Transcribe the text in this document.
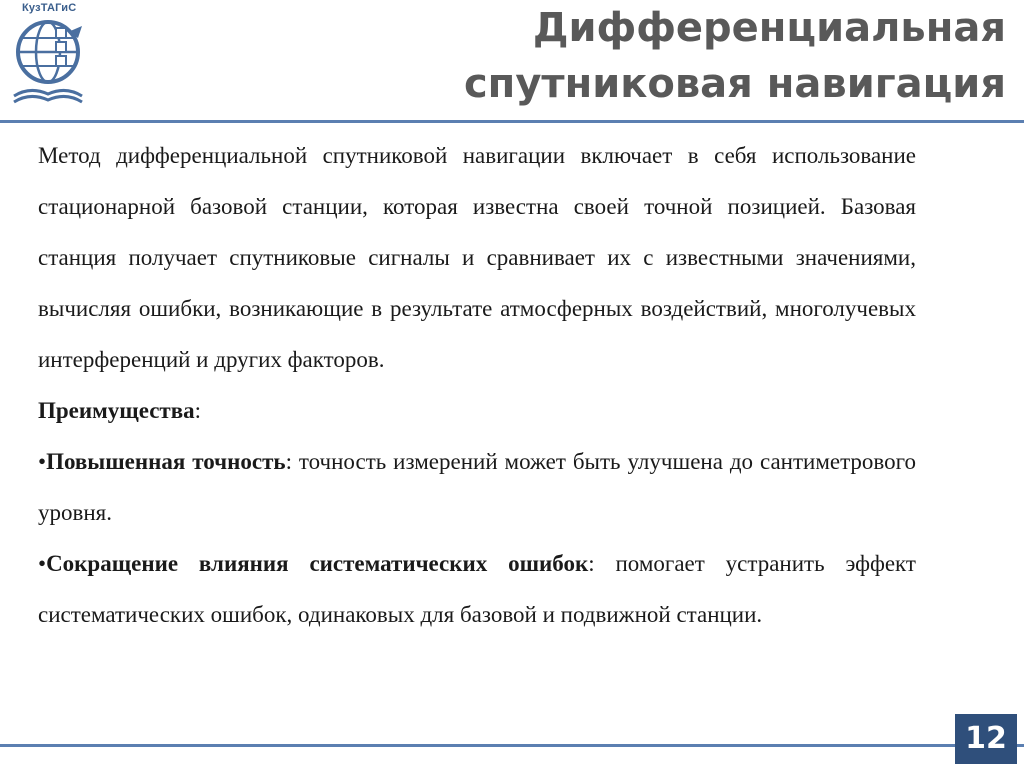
КузТАГиС	Дифференциальная спутниковая навигация

Метод дифференциальной спутниковой навигации включает в себя использование стационарной базовой станции, которая известна своей точной позицией. Базовая станция получает спутниковые сигналы и сравнивает их с известными значениями, вычисляя ошибки, возникающие в результате атмосферных воздействий, многолучевых интерференций и других факторов.

Преимущества:

•Повышенная точность: точность измерений может быть улучшена до сантиметрового уровня.

•Сокращение влияния систематических ошибок: помогает устранить эффект систематических ошибок, одинаковых для базовой и подвижной станции.

12
